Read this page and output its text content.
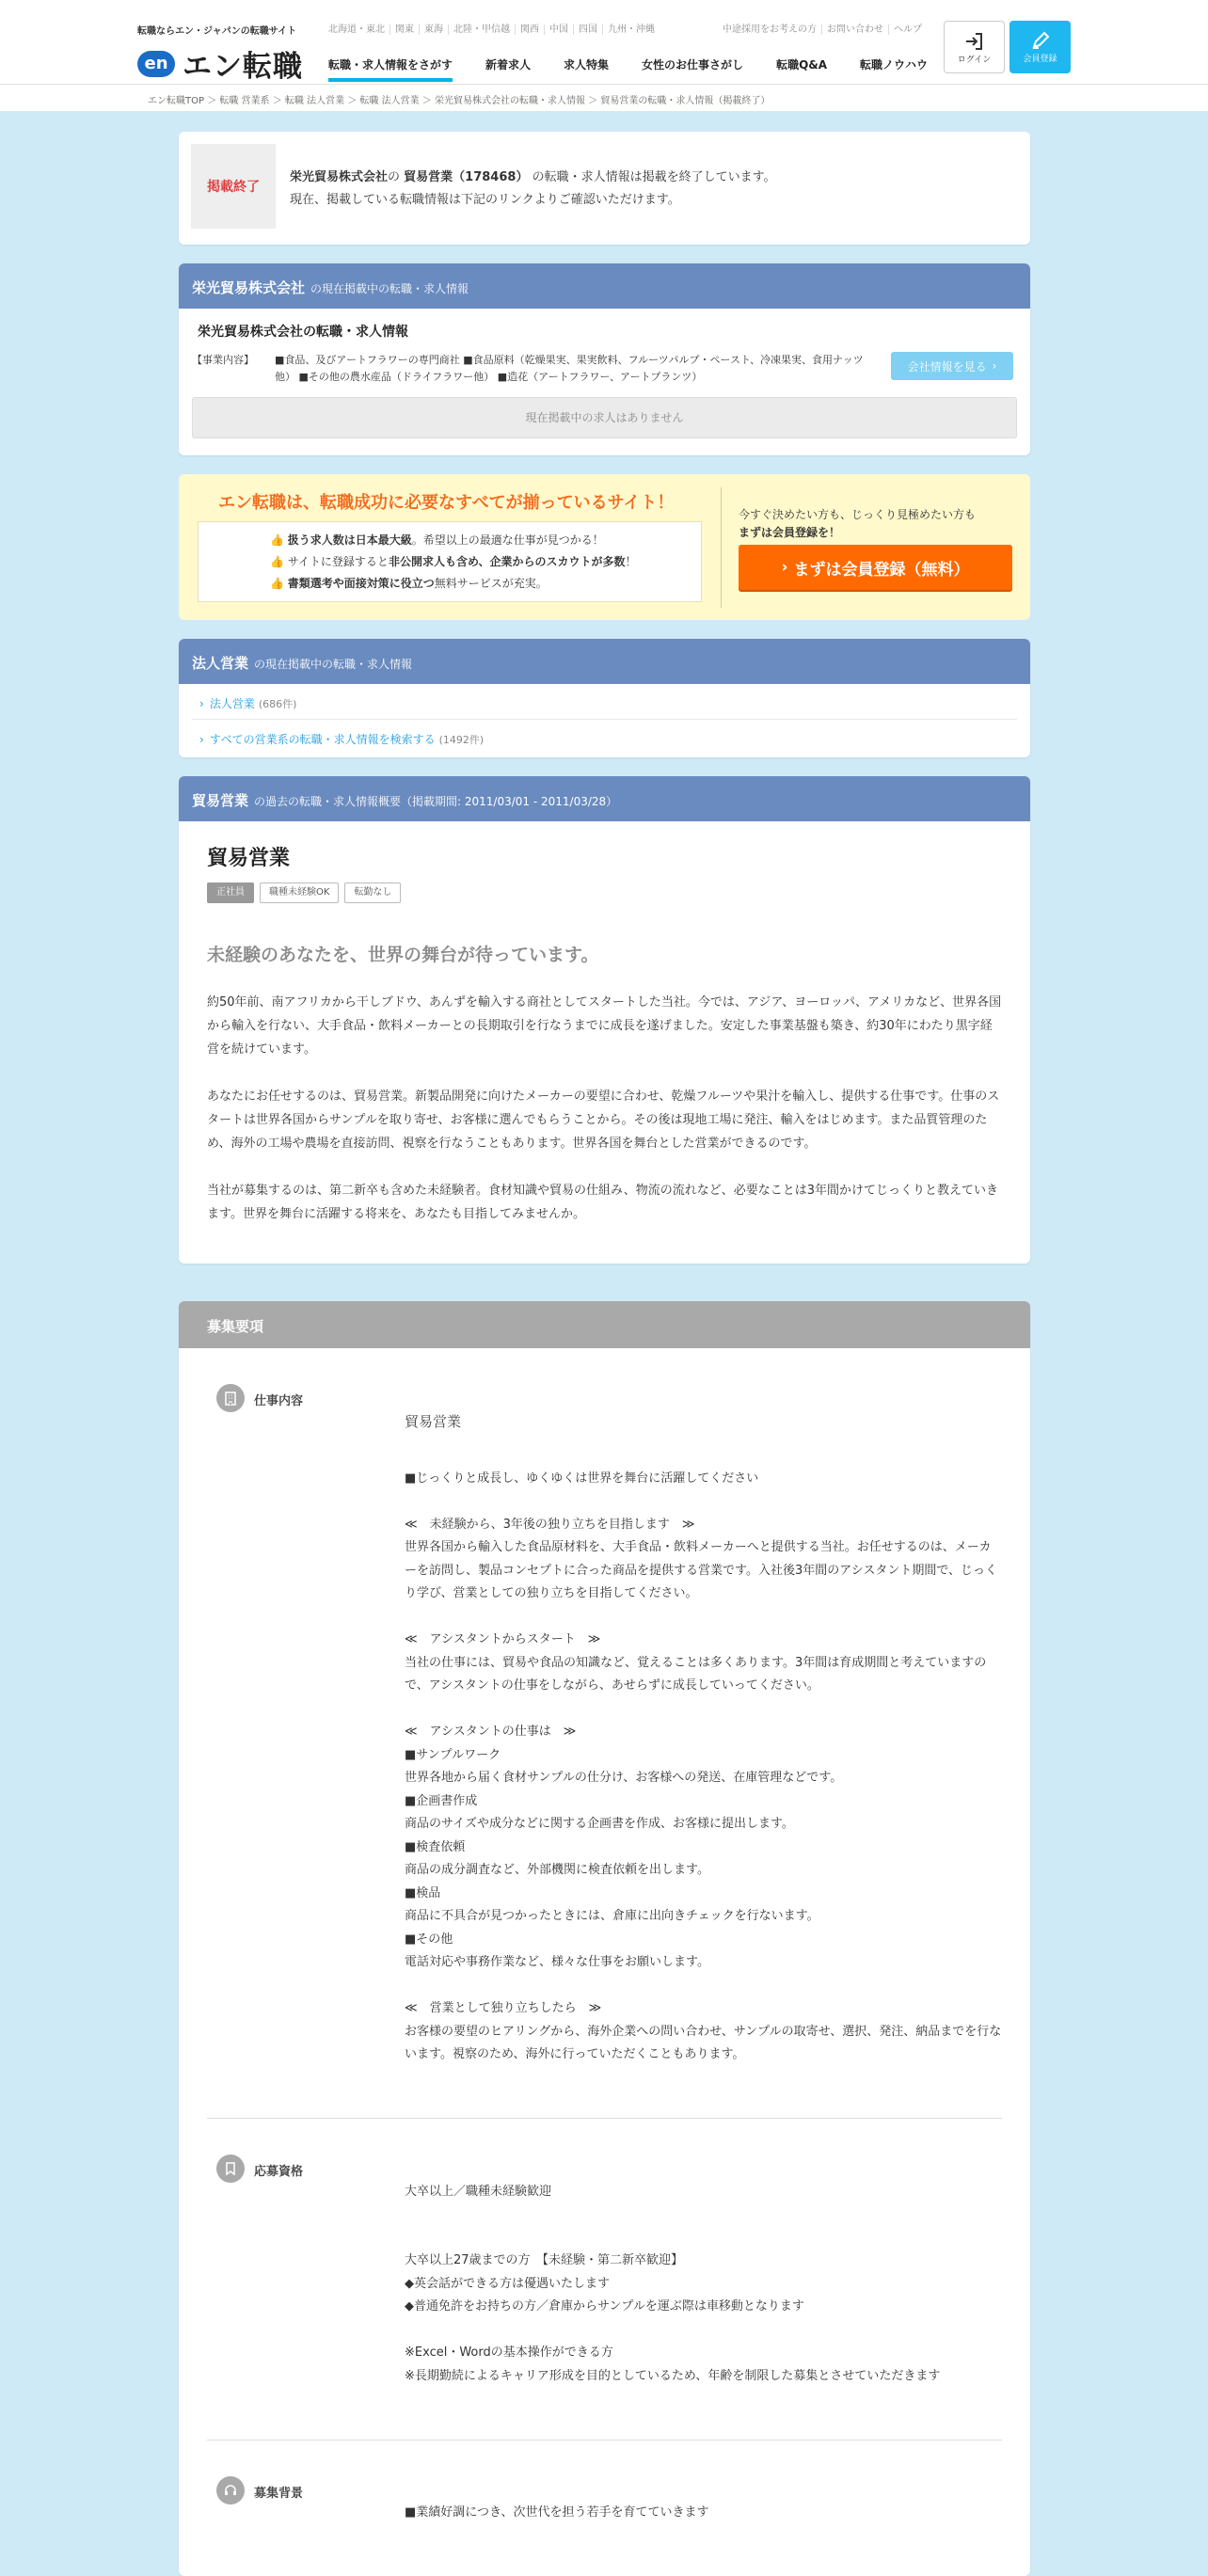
転職ならエン・ジャパンの転職サイト
en エン転職
北海道・東北	関東	東海	北陸・甲信越	関西	中国	四国	九州・沖縄	中途採用をお考えの方	お問い合わせ	ヘルプ
転職・求人情報をさがす	新着求人	求人特集	女性のお仕事さがし	転職Q&A	転職ノウハウ	ログイン	会員登録
エン転職TOP ＞ 転職 営業系 ＞ 転職 法人営業 ＞ 転職 法人営業 ＞ 栄光貿易株式会社の転職・求人情報 ＞ 貿易営業の転職・求人情報（掲載終了）
掲載終了
栄光貿易株式会社の 貿易営業（178468） の転職・求人情報は掲載を終了しています。
現在、掲載している転職情報は下記のリンクよりご確認いただけます。
栄光貿易株式会社 の現在掲載中の転職・求人情報
栄光貿易株式会社の転職・求人情報
【事業内容】 ■食品、及びアートフラワーの専門商社 ■食品原料（乾燥果実、果実飲料、フルーツパルプ・ペースト、冷凍果実、食用ナッツ他） ■その他の農水産品（ドライフラワー他） ■造花（アートフラワー、アートプランツ）
会社情報を見る ›
現在掲載中の求人はありません
エン転職は、転職成功に必要なすべてが揃っているサイト！
👍 扱う求人数は日本最大級。希望以上の最適な仕事が見つかる！
👍 サイトに登録すると非公開求人も含め、企業からのスカウトが多数！
👍 書類選考や面接対策に役立つ無料サービスが充実。
今すぐ決めたい方も、じっくり見極めたい方も
まずは会員登録を！
› まずは会員登録（無料）
法人営業 の現在掲載中の転職・求人情報
› 法人営業 (686件)
› すべての営業系の転職・求人情報を検索する (1492件)
貿易営業 の過去の転職・求人情報概要（掲載期間: 2011/03/01 - 2011/03/28）
貿易営業
正社員	職種未経験OK	転勤なし
未経験のあなたを、世界の舞台が待っています。
約50年前、南アフリカから干しブドウ、あんずを輸入する商社としてスタートした当社。今では、アジア、ヨーロッパ、アメリカなど、世界各国から輸入を行ない、大手食品・飲料メーカーとの長期取引を行なうまでに成長を遂げました。安定した事業基盤も築き、約30年にわたり黒字経営を続けています。
あなたにお任せするのは、貿易営業。新製品開発に向けたメーカーの要望に合わせ、乾燥フルーツや果汁を輸入し、提供する仕事です。仕事のスタートは世界各国からサンプルを取り寄せ、お客様に選んでもらうことから。その後は現地工場に発注、輸入をはじめます。また品質管理のため、海外の工場や農場を直接訪問、視察を行なうこともあります。世界各国を舞台とした営業ができるのです。
当社が募集するのは、第二新卒も含めた未経験者。食材知識や貿易の仕組み、物流の流れなど、必要なことは3年間かけてじっくりと教えていきます。世界を舞台に活躍する将来を、あなたも目指してみませんか。
募集要項
仕事内容

貿易営業

■じっくりと成長し、ゆくゆくは世界を舞台に活躍してください

≪　未経験から、3年後の独り立ちを目指します　≫
世界各国から輸入した食品原材料を、大手食品・飲料メーカーへと提供する当社。お任せするのは、メーカーを訪問し、製品コンセプトに合った商品を提供する営業です。入社後3年間のアシスタント期間で、じっくり学び、営業としての独り立ちを目指してください。

≪　アシスタントからスタート　≫
当社の仕事には、貿易や食品の知識など、覚えることは多くあります。3年間は育成期間と考えていますので、アシスタントの仕事をしながら、あせらずに成長していってください。

≪　アシスタントの仕事は　≫
■サンプルワーク
世界各地から届く食材サンプルの仕分け、お客様への発送、在庫管理などです。
■企画書作成
商品のサイズや成分などに関する企画書を作成、お客様に提出します。
■検査依頼
商品の成分調査など、外部機関に検査依頼を出します。
■検品
商品に不具合が見つかったときには、倉庫に出向きチェックを行ないます。
■その他
電話対応や事務作業など、様々な仕事をお願いします。

≪　営業として独り立ちしたら　≫
お客様の要望のヒアリングから、海外企業への問い合わせ、サンプルの取寄せ、選択、発注、納品までを行ないます。視察のため、海外に行っていただくこともあります。

応募資格

大卒以上／職種未経験歓迎

大卒以上27歳までの方　【未経験・第二新卒歓迎】
◆英会話ができる方は優遇いたします
◆普通免許をお持ちの方／倉庫からサンプルを運ぶ際は車移動となります

※Excel・Wordの基本操作ができる方
※長期勤続によるキャリア形成を目的としているため、年齢を制限した募集とさせていただきます

募集背景

■業績好調につき、次世代を担う若手を育てていきます
